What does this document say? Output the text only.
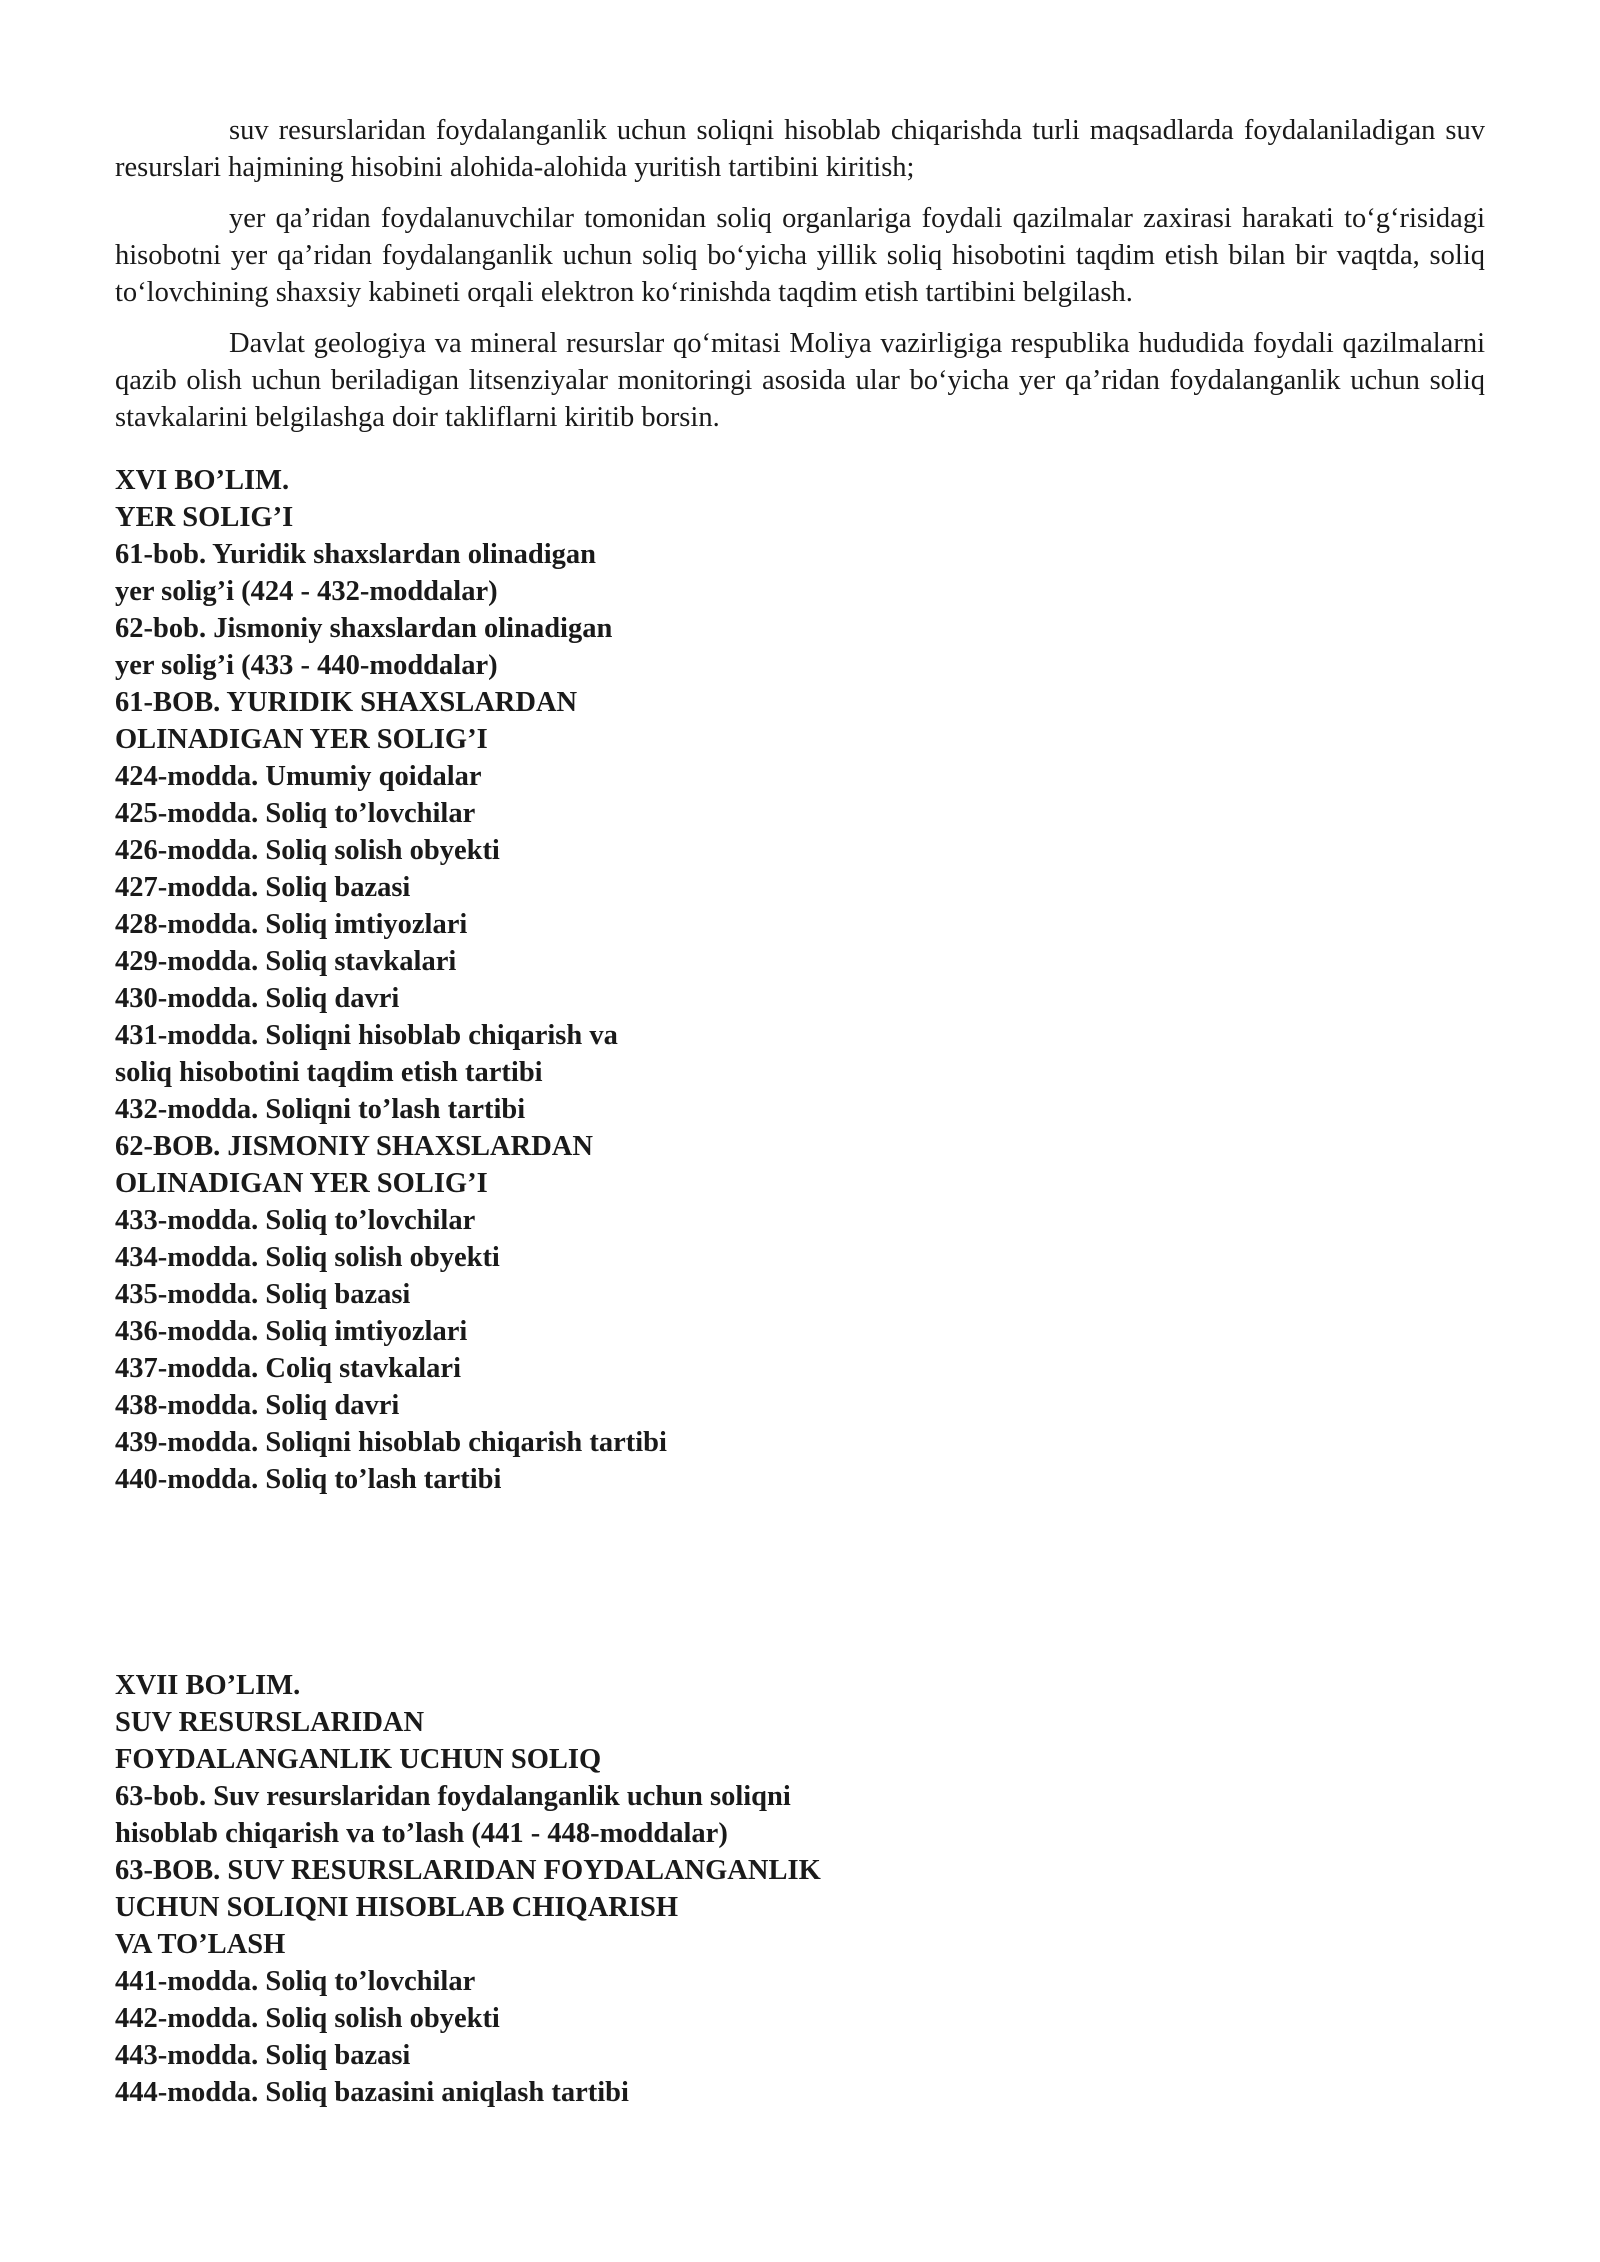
suv resurslaridan foydalanganlik uchun soliqni hisoblab chiqarishda turli maqsadlarda foydalaniladigan suv resurslari hajmining hisobini alohida-alohida yuritish tartibini kiritish;

yer qa’ridan foydalanuvchilar tomonidan soliq organlariga foydali qazilmalar zaxirasi harakati to‘g‘risidagi hisobotni yer qa’ridan foydalanganlik uchun soliq bo‘yicha yillik soliq hisobotini taqdim etish bilan bir vaqtda, soliq to‘lovchining shaxsiy kabineti orqali elektron ko‘rinishda taqdim etish tartibini belgilash.

Davlat geologiya va mineral resurslar qo‘mitasi Moliya vazirligiga respublika hududida foydali qazilmalarni qazib olish uchun beriladigan litsenziyalar monitoringi asosida ular bo‘yicha yer qa’ridan foydalanganlik uchun soliq stavkalarini belgilashga doir takliflarni kiritib borsin.

XVI BO’LIM.

YER SOLIG’I

61-bob. Yuridik shaxslardan olinadigan

yer solig’i (424 - 432-moddalar)

62-bob. Jismoniy shaxslardan olinadigan

yer solig’i (433 - 440-moddalar)

61-BOB. YURIDIK SHAXSLARDAN

OLINADIGAN YER SOLIG’I

424-modda. Umumiy qoidalar

425-modda. Soliq to’lovchilar

426-modda. Soliq solish obyekti

427-modda. Soliq bazasi

428-modda. Soliq imtiyozlari

429-modda. Soliq stavkalari

430-modda. Soliq davri

431-modda. Soliqni hisoblab chiqarish va

soliq hisobotini taqdim etish tartibi

432-modda. Soliqni to’lash tartibi

62-BOB. JISMONIY SHAXSLARDAN

OLINADIGAN YER SOLIG’I

433-modda. Soliq to’lovchilar

434-modda. Soliq solish obyekti

435-modda. Soliq bazasi

436-modda. Soliq imtiyozlari

437-modda. Coliq stavkalari

438-modda. Soliq davri

439-modda. Soliqni hisoblab chiqarish tartibi

440-modda. Soliq to’lash tartibi

XVII BO’LIM.

SUV RESURSLARIDAN

FOYDALANGANLIK UCHUN SOLIQ

63-bob. Suv resurslaridan foydalanganlik uchun soliqni

hisoblab chiqarish va to’lash (441 - 448-moddalar)

63-BOB. SUV RESURSLARIDAN FOYDALANGANLIK

UCHUN SOLIQNI HISOBLAB CHIQARISH

VA TO’LASH

441-modda. Soliq to’lovchilar

442-modda. Soliq solish obyekti

443-modda. Soliq bazasi

444-modda. Soliq bazasini aniqlash tartibi
